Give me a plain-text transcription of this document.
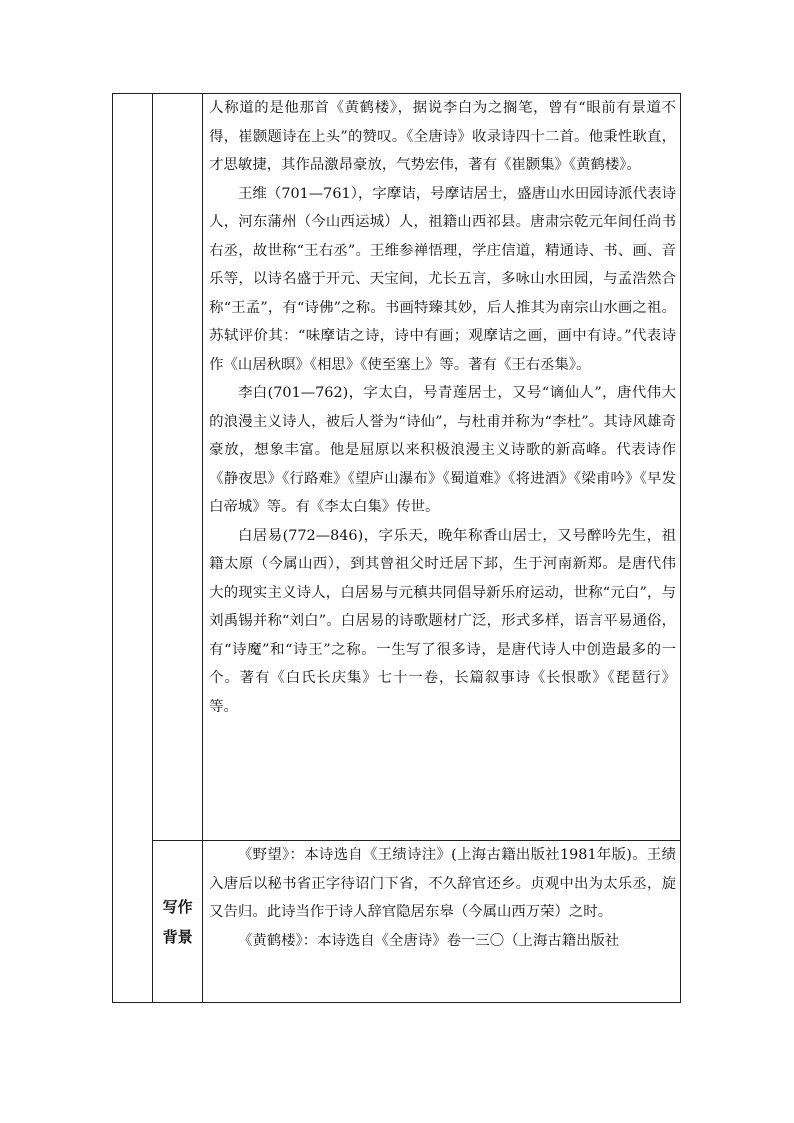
		人称道的是他那首《黄鹤楼》，据说李白为之搁笔，曾有“眼前有景道不得，崔颢题诗在上头”的赞叹。《全唐诗》收录诗四十二首。他秉性耿直，才思敏捷，其作品激昂豪放，气势宏伟，著有《崔颢集》《黄鹤楼》。

王维（701—761），字摩诘，号摩诘居士，盛唐山水田园诗派代表诗人，河东蒲州（今山西运城）人，祖籍山西祁县。唐肃宗乾元年间任尚书右丞，故世称“王右丞”。王维参禅悟理，学庄信道，精通诗、书、画、音乐等，以诗名盛于开元、天宝间，尤长五言，多咏山水田园，与孟浩然合称“王孟”，有“诗佛”之称。书画特臻其妙，后人推其为南宗山水画之祖。苏轼评价其：“味摩诘之诗，诗中有画；观摩诘之画，画中有诗。”代表诗作《山居秋暝》《相思》《使至塞上》等。著有《王右丞集》。

李白(701—762)，字太白，号青莲居士，又号“谪仙人”，唐代伟大的浪漫主义诗人，被后人誉为“诗仙”，与杜甫并称为“李杜”。其诗风雄奇豪放，想象丰富。他是屈原以来积极浪漫主义诗歌的新高峰。代表诗作《静夜思》《行路难》《望庐山瀑布》《蜀道难》《将进酒》《梁甫吟》《早发白帝城》等。有《李太白集》传世。

白居易(772—846)，字乐天，晚年称香山居士，又号醉吟先生，祖籍太原（今属山西），到其曾祖父时迁居下邽，生于河南新郑。是唐代伟大的现实主义诗人，白居易与元稹共同倡导新乐府运动，世称“元白”，与刘禹锡并称“刘白”。白居易的诗歌题材广泛，形式多样，语言平易通俗，有“诗魔”和“诗王”之称。一生写了很多诗，是唐代诗人中创造最多的一个。著有《白氏长庆集》七十一卷，长篇叙事诗《长恨歌》《琵琶行》等。

	写作背景	《野望》：本诗选自《王绩诗注》(上海古籍出版社1981年版)。王绩入唐后以秘书省正字待诏门下省，不久辞官还乡。贞观中出为太乐丞，旋又告归。此诗当作于诗人辞官隐居东皋（今属山西万荣）之时。

《黄鹤楼》：本诗选自《全唐诗》卷一三〇（上海古籍出版社
